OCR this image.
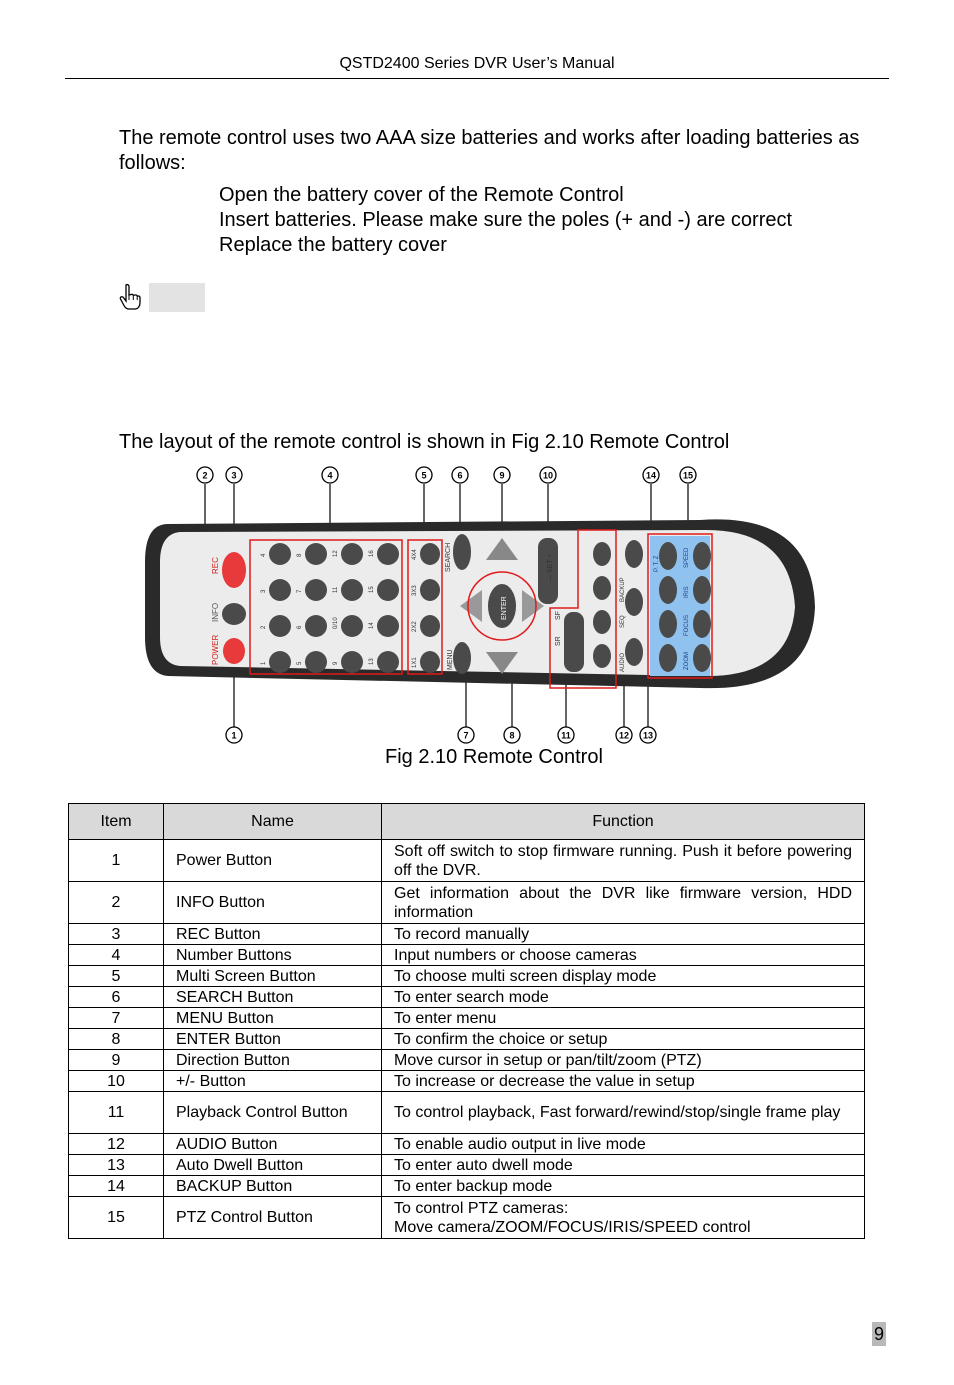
QSTD2400 Series DVR User’s Manual
The remote control uses two AAA size batteries and works after loading batteries as follows:
Open the battery cover of the Remote Control
Insert batteries. Please make sure the poles (+ and -) are correct
Replace the battery cover
The layout of the remote control is shown in Fig 2.10 Remote Control
REC
INFO
POWER
4	8	12	16
3	7	11	15
2	6	0/10	14
1	5	9	13
4X4
3X3
2X2
1X1
SEARCH
MENU
ENTER
— SET +
SR
SF
BACKUP
SEQ
AUDIO
P. T. Z	SPEED
IRIS
FOCUS
ZOOM
1
2	3	4	5	6
7	8
9	10
11	12 13
14	15
Fig 2.10 Remote Control
Item	Name	Function
1	Power Button	Soft off switch to stop firmware running. Push it before powering off the DVR.
2	INFO Button	Get information about the DVR like firmware version, HDD information
3	REC Button	To record manually
4	Number Buttons	Input numbers or choose cameras
5	Multi Screen Button	To choose multi screen display mode
6	SEARCH Button	To enter search mode
7	MENU Button	To enter menu
8	ENTER Button	To confirm the choice or setup
9	Direction Button	Move cursor in setup or pan/tilt/zoom (PTZ)
10	+/- Button	To increase or decrease the value in setup
11	Playback Control Button	To control playback, Fast forward/rewind/stop/single frame play
12	AUDIO Button	To enable audio output in live mode
13	Auto Dwell Button	To enter auto dwell mode
14	BACKUP Button	To enter backup mode
15	PTZ Control Button	To control PTZ cameras:
Move camera/ZOOM/FOCUS/IRIS/SPEED control
9
